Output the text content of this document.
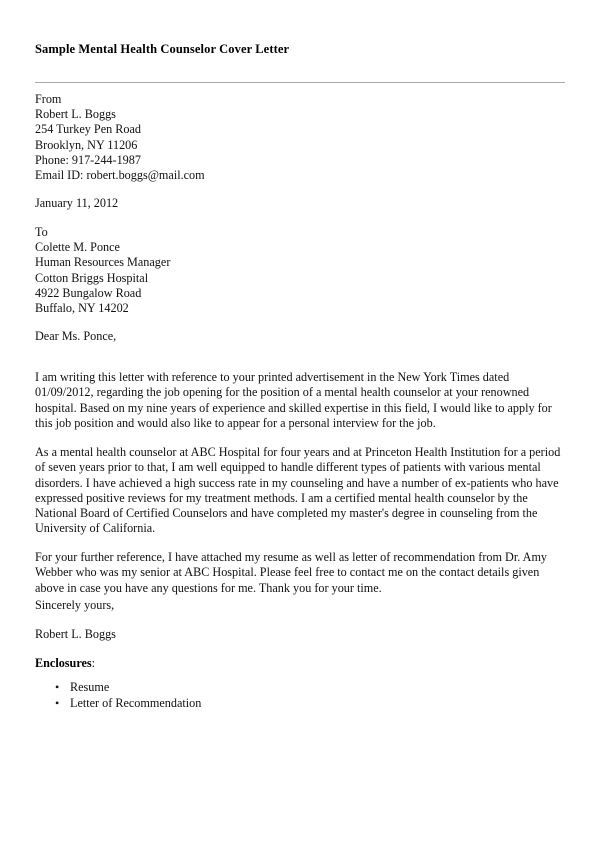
Sample Mental Health Counselor Cover Letter
From
Robert L. Boggs
254 Turkey Pen Road
Brooklyn, NY 11206
Phone: 917-244-1987
Email ID: robert.boggs@mail.com
January 11, 2012
To
Colette M. Ponce
Human Resources Manager
Cotton Briggs Hospital
4922 Bungalow Road
Buffalo, NY 14202
Dear Ms. Ponce,

I am writing this letter with reference to your printed advertisement in the New York Times dated 01/09/2012, regarding the job opening for the position of a mental health counselor at your renowned hospital. Based on my nine years of experience and skilled expertise in this field, I would like to apply for this job position and would also like to appear for a personal interview for the job.

As a mental health counselor at ABC Hospital for four years and at Princeton Health Institution for a period of seven years prior to that, I am well equipped to handle different types of patients with various mental disorders. I have achieved a high success rate in my counseling and have a number of ex-patients who have expressed positive reviews for my treatment methods. I am a certified mental health counselor by the National Board of Certified Counselors and have completed my master's degree in counseling from the University of California.

For your further reference, I have attached my resume as well as letter of recommendation from Dr. Amy Webber who was my senior at ABC Hospital. Please feel free to contact me on the contact details given above in case you have any questions for me. Thank you for your time.

Sincerely yours,
Robert L. Boggs
Enclosures:
• Resume
• Letter of Recommendation
